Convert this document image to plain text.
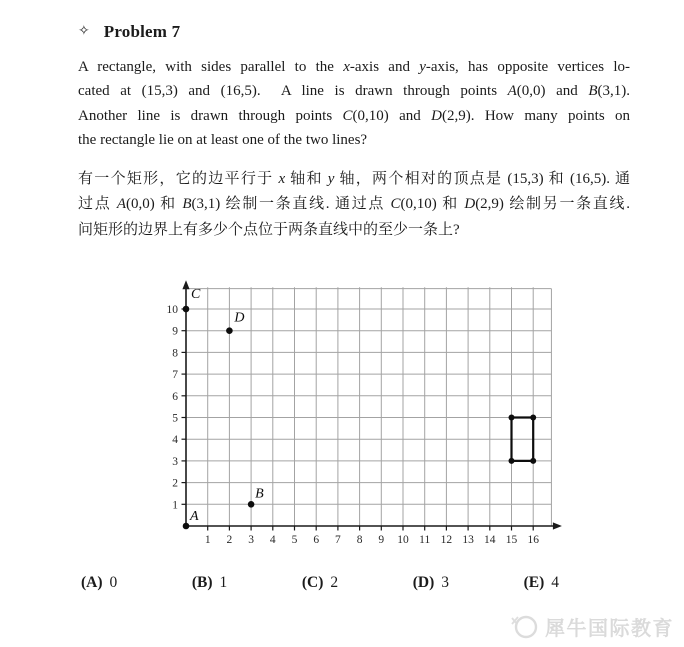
✧ Problem 7
A rectangle, with sides parallel to the x-axis and y-axis, has opposite vertices lo-
cated at (15,3) and (16,5).  A line is drawn through points A(0,0) and B(3,1).
Another line is drawn through points C(0,10) and D(2,9). How many points on
the rectangle lie on at least one of the two lines?
有一个矩形，它的边平行于 x 轴和 y 轴，两个相对的顶点是 (15,3) 和 (16,5). 通
过点 A(0,0) 和 B(3,1) 绘制一条直线. 通过点 C(0,10) 和 D(2,9) 绘制另一条直线.
问矩形的边界上有多少个点位于两条直线中的至少一条上?
1 2 3 4 5 6 7 8 9 10 11 12 13 14 15 16
1
2
3
4
5
6
7
8
9
10
A
B
C
D
(A) 0	(B) 1	(C) 2	(D) 3	(E) 4
犀牛国际教育
